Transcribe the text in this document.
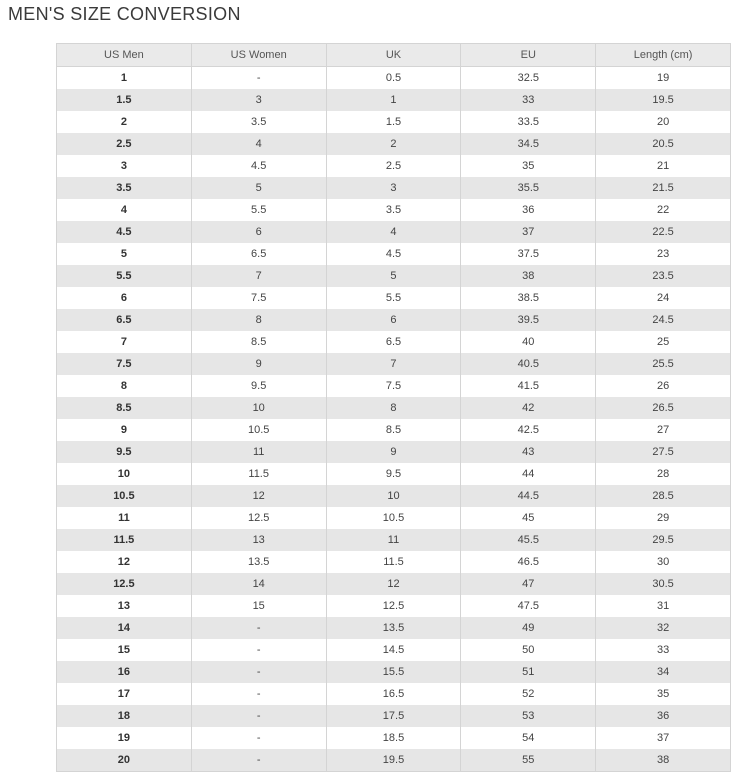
MEN'S SIZE CONVERSION
US Men	US Women	UK	EU	Length (cm)
1	-	0.5	32.5	19
1.5	3	1	33	19.5
2	3.5	1.5	33.5	20
2.5	4	2	34.5	20.5
3	4.5	2.5	35	21
3.5	5	3	35.5	21.5
4	5.5	3.5	36	22
4.5	6	4	37	22.5
5	6.5	4.5	37.5	23
5.5	7	5	38	23.5
6	7.5	5.5	38.5	24
6.5	8	6	39.5	24.5
7	8.5	6.5	40	25
7.5	9	7	40.5	25.5
8	9.5	7.5	41.5	26
8.5	10	8	42	26.5
9	10.5	8.5	42.5	27
9.5	11	9	43	27.5
10	11.5	9.5	44	28
10.5	12	10	44.5	28.5
11	12.5	10.5	45	29
11.5	13	11	45.5	29.5
12	13.5	11.5	46.5	30
12.5	14	12	47	30.5
13	15	12.5	47.5	31
14	-	13.5	49	32
15	-	14.5	50	33
16	-	15.5	51	34
17	-	16.5	52	35
18	-	17.5	53	36
19	-	18.5	54	37
20	-	19.5	55	38
